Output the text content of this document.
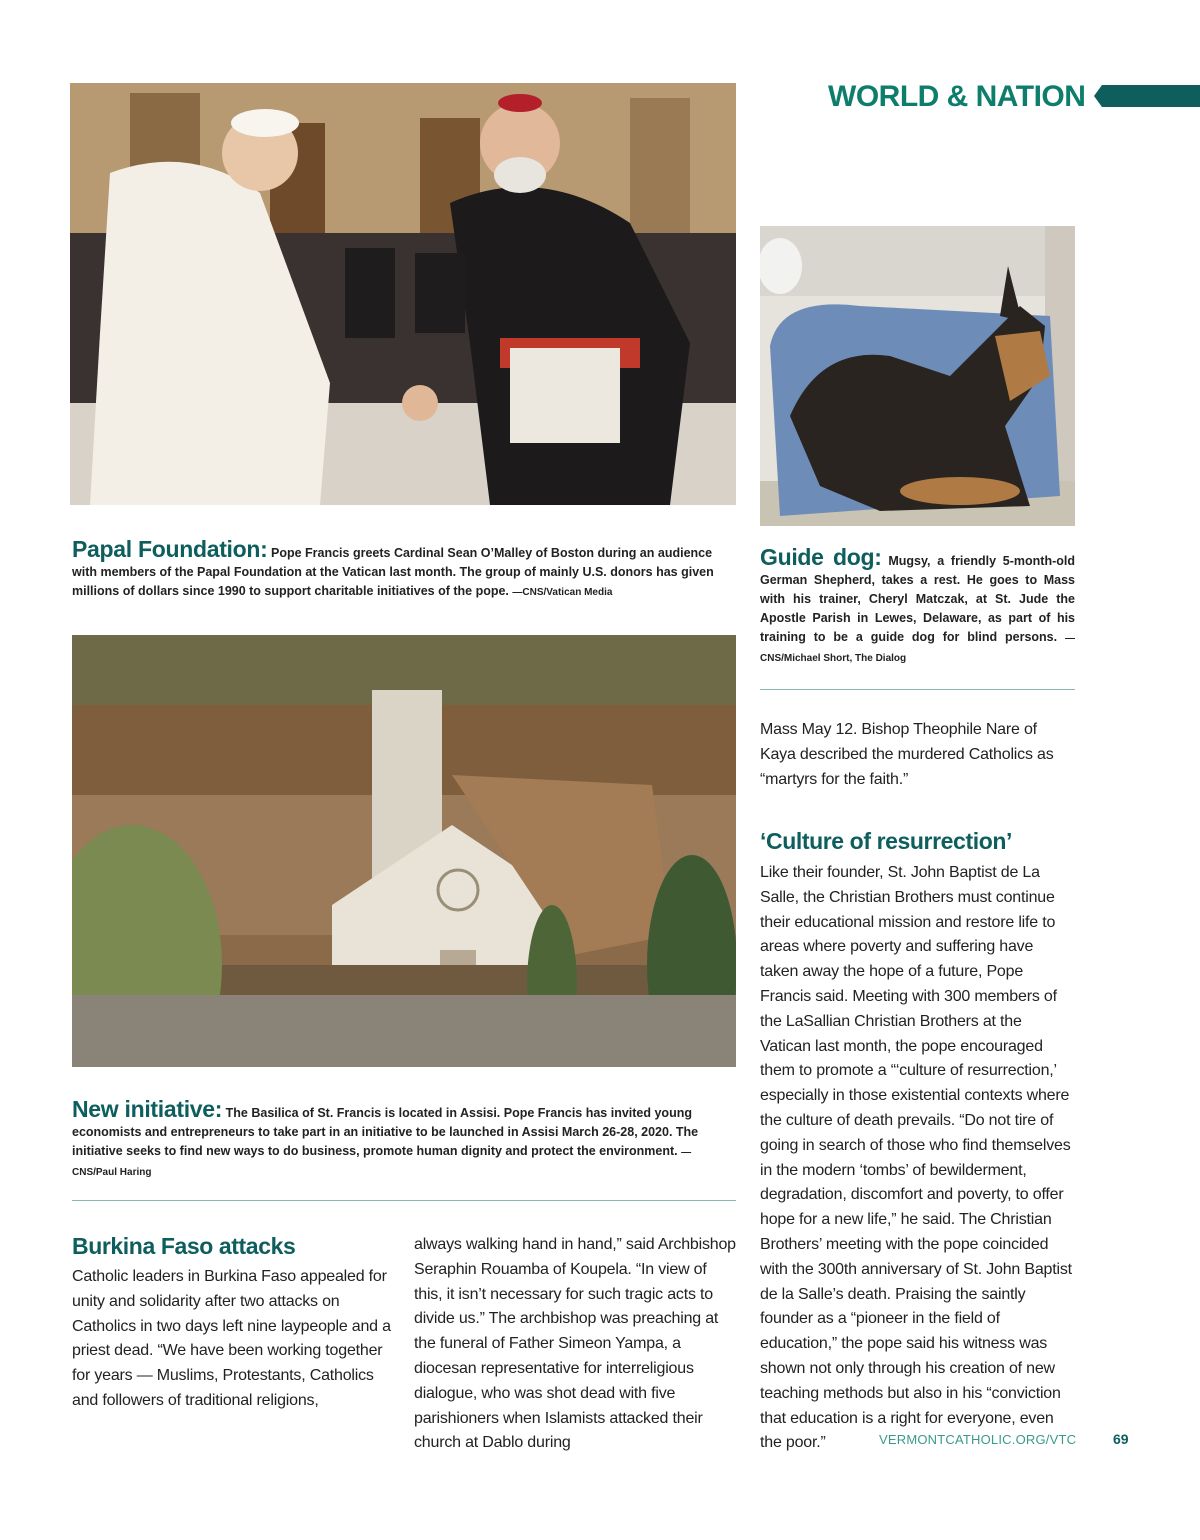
WORLD & NATION
Papal Foundation: Pope Francis greets Cardinal Sean O’Malley of Boston during an audience with members of the Papal Foundation at the Vatican last month. The group of mainly U.S. donors has given millions of dollars since 1990 to support charitable initiatives of the pope. —CNS/Vatican Media
Guide dog: Mugsy, a friendly 5-month-old German Shepherd, takes a rest. He goes to Mass with his trainer, Cheryl Matczak, at St. Jude the Apostle Parish in Lewes, Delaware, as part of his training to be a guide dog for blind persons. —CNS/Michael Short, The Dialog
New initiative: The Basilica of St. Francis is located in Assisi. Pope Francis has invited young economists and entrepreneurs to take part in an initiative to be launched in Assisi March 26-28, 2020. The initiative seeks to find new ways to do business, promote human dignity and protect the environment. —CNS/Paul Haring
Burkina Faso attacks

Catholic leaders in Burkina Faso appealed for unity and solidarity after two attacks on Catholics in two days left nine laypeople and a priest dead. “We have been working together for years — Muslims, Protestants, Catholics and followers of traditional religions,

always walking hand in hand,” said Archbishop Seraphin Rouamba of Koupela. “In view of this, it isn’t necessary for such tragic acts to divide us.” The archbishop was preaching at the funeral of Father Simeon Yampa, a diocesan representative for interreligious dialogue, who was shot dead with five parishioners when Islamists attacked their church at Dablo during

Mass May 12. Bishop Theophile Nare of Kaya described the murdered Catholics as “martyrs for the faith.”

‘Culture of resurrection’

Like their founder, St. John Baptist de La Salle, the Christian Brothers must continue their educational mission and restore life to areas where poverty and suffering have taken away the hope of a future, Pope Francis said. Meeting with 300 members of the LaSallian Christian Brothers at the Vatican last month, the pope encouraged them to promote a “‘culture of resurrection,’ especially in those existential contexts where the culture of death prevails. “Do not tire of going in search of those who find themselves in the modern ‘tombs’ of bewilderment, degradation, discomfort and poverty, to offer hope for a new life,” he said. The Christian Brothers’ meeting with the pope coincided with the 300th anniversary of St. John Baptist de la Salle’s death. Praising the saintly founder as a “pioneer in the field of education,” the pope said his witness was shown not only through his creation of new teaching methods but also in his “conviction that education is a right for everyone, even the poor.”	VERMONTCATHOLIC.ORG/VTC	69
